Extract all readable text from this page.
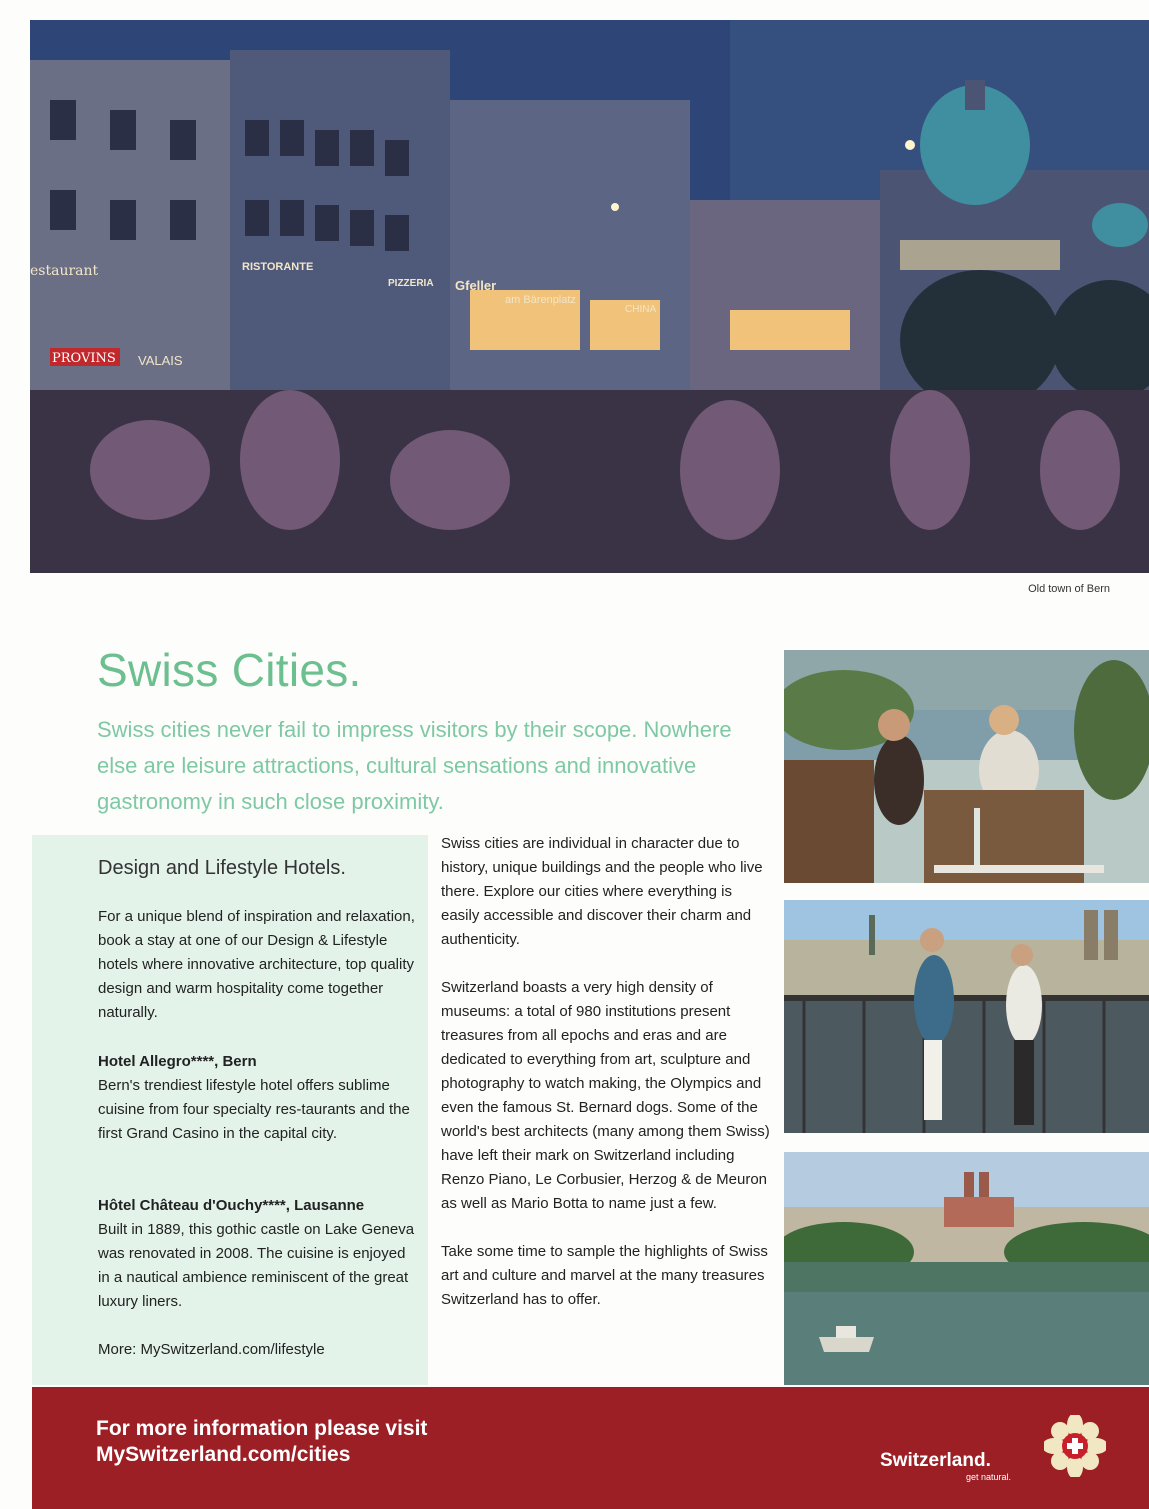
estaurant	RISTORANTE
PIZZERIA Gfeller
am Bärenplatz
CHINA
PROVINS VALAIS
Old town of Bern
Swiss Cities.

Swiss cities never fail to impress visitors by their scope. Nowhere else are leisure attractions, cultural sensations and innovative gastronomy in such close proximity.

Design and Lifestyle Hotels.

For a unique blend of inspiration and relaxation, book a stay at one of our Design & Lifestyle hotels where innovative architecture, top quality design and warm hospitality come together naturally.

Hotel Allegro****, Bern
Bern's trendiest lifestyle hotel offers sublime cuisine from four specialty res-taurants and the first Grand Casino in the capital city.

Hôtel Château d'Ouchy****, Lausanne
Built in 1889, this gothic castle on Lake Geneva was renovated in 2008. The cuisine is enjoyed in a nautical ambience reminiscent of the great luxury liners.

More: MySwitzerland.com/lifestyle

Swiss cities are individual in character due to history, unique buildings and the people who live there. Explore our cities where everything is easily accessible and discover their charm and authenticity.

Switzerland boasts a very high density of museums: a total of 980 institutions present treasures from all epochs and eras and are dedicated to everything from art, sculpture and photography to watch making, the Olympics and even the famous St. Bernard dogs. Some of the world's best architects (many among them Swiss) have left their mark on Switzerland including Renzo Piano, Le Corbusier, Herzog & de Meuron as well as Mario Botta to name just a few.

Take some time to sample the highlights of Swiss art and culture and marvel at the many treasures Switzerland has to offer.

For more information please visit
MySwitzerland.com/cities	Switzerland.
get natural.
